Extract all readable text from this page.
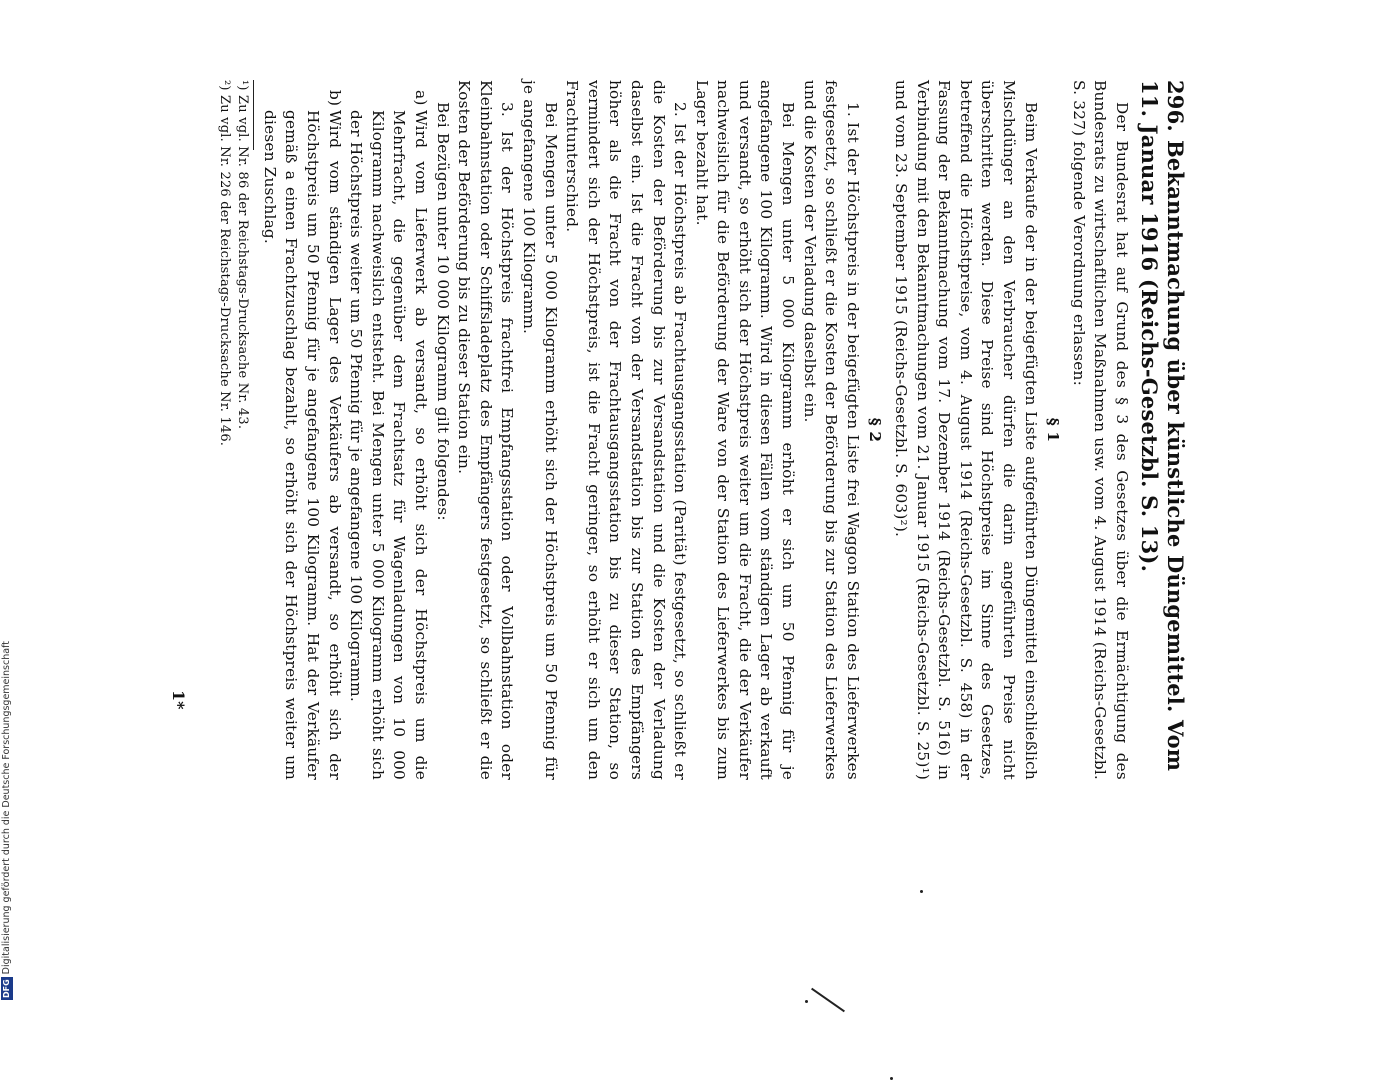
296.Bekanntmachung über künstliche Düngemittel. Vom 11. Januar 1916 (Reichs-Gesetzbl. S. 13).

Der Bundesrat hat auf Grund des § 3 des Gesetzes über die Ermächtigung des Bundesrats zu wirtschaftlichen Maßnahmen usw. vom 4. August 1914 (Reichs-Gesetzbl. S. 327) folgende Verordnung erlassen:

§ 1

Beim Verkaufe der in der beigefügten Liste aufgeführten Düngemittel einschließlich Mischdünger an den Verbraucher dürfen die darin angeführten Preise nicht überschritten werden. Diese Preise sind Höchstpreise im Sinne des Gesetzes, betreffend die Höchstpreise, vom 4. August 1914 (Reichs-Gesetzbl. S. 458) in der Fassung der Bekanntmachung vom 17. Dezember 1914 (Reichs-Gesetzbl. S. 516) in Verbindung mit den Bekanntmachungen vom 21. Januar 1915 (Reichs-Gesetzbl. S. 25)¹) und vom 23. September 1915 (Reichs-Gesetzbl. S. 603)²).

§ 2

1. Ist der Höchstpreis in der beigefügten Liste frei Waggon Station des Lieferwerkes festgesetzt, so schließt er die Kosten der Beförderung bis zur Station des Lieferwerkes und die Kosten der Verladung daselbst ein.

Bei Mengen unter 5 000 Kilogramm erhöht er sich um 50 Pfennig für je angefangene 100 Kilogramm. Wird in diesen Fällen vom ständigen Lager ab verkauft und versandt, so erhöht sich der Höchstpreis weiter um die Fracht, die der Verkäufer nachweislich für die Beförderung der Ware von der Station des Lieferwerkes bis zum Lager bezahlt hat.

2. Ist der Höchstpreis ab Frachtausgangsstation (Parität) festgesetzt, so schließt er die Kosten der Beförderung bis zur Versandstation und die Kosten der Verladung daselbst ein. Ist die Fracht von der Versandstation bis zur Station des Empfängers höher als die Fracht von der Frachtausgangsstation bis zu dieser Station, so vermindert sich der Höchstpreis, ist die Fracht geringer, so erhöht er sich um den Frachtunterschied.

Bei Mengen unter 5 000 Kilogramm erhöht sich der Höchstpreis um 50 Pfennig für je angefangene 100 Kilogramm.

3. Ist der Höchstpreis frachtfrei Empfangsstation oder Vollbahnstation oder Kleinbahnstation oder Schiffsladeplatz des Empfängers festgesetzt, so schließt er die Kosten der Beförderung bis zu dieser Station ein.

Bei Bezügen unter 10 000 Kilogramm gilt folgendes:

a)Wird vom Lieferwerk ab versandt, so erhöht sich der Höchstpreis um die Mehrfracht, die gegenüber dem Frachtsatz für Wagenladungen von 10 000 Kilogramm nachweislich entsteht. Bei Mengen unter 5 000 Kilogramm erhöht sich der Höchstpreis weiter um 50 Pfennig für je angefangene 100 Kilogramm.

b)Wird vom ständigen Lager des Verkäufers ab versandt, so erhöht sich der Höchstpreis um 50 Pfennig für je angefangene 100 Kilogramm. Hat der Verkäufer gemäß a einen Frachtzuschlag bezahlt, so erhöht sich der Höchstpreis weiter um diesen Zuschlag.

¹) Zu vgl. Nr. 86 der Reichstags-Drucksache Nr. 43.

²) Zu vgl. Nr. 226 der Reichstags-Drucksache Nr. 146.

1*
DFGDigitalisierung gefördert durch die Deutsche Forschungsgemeinschaft
